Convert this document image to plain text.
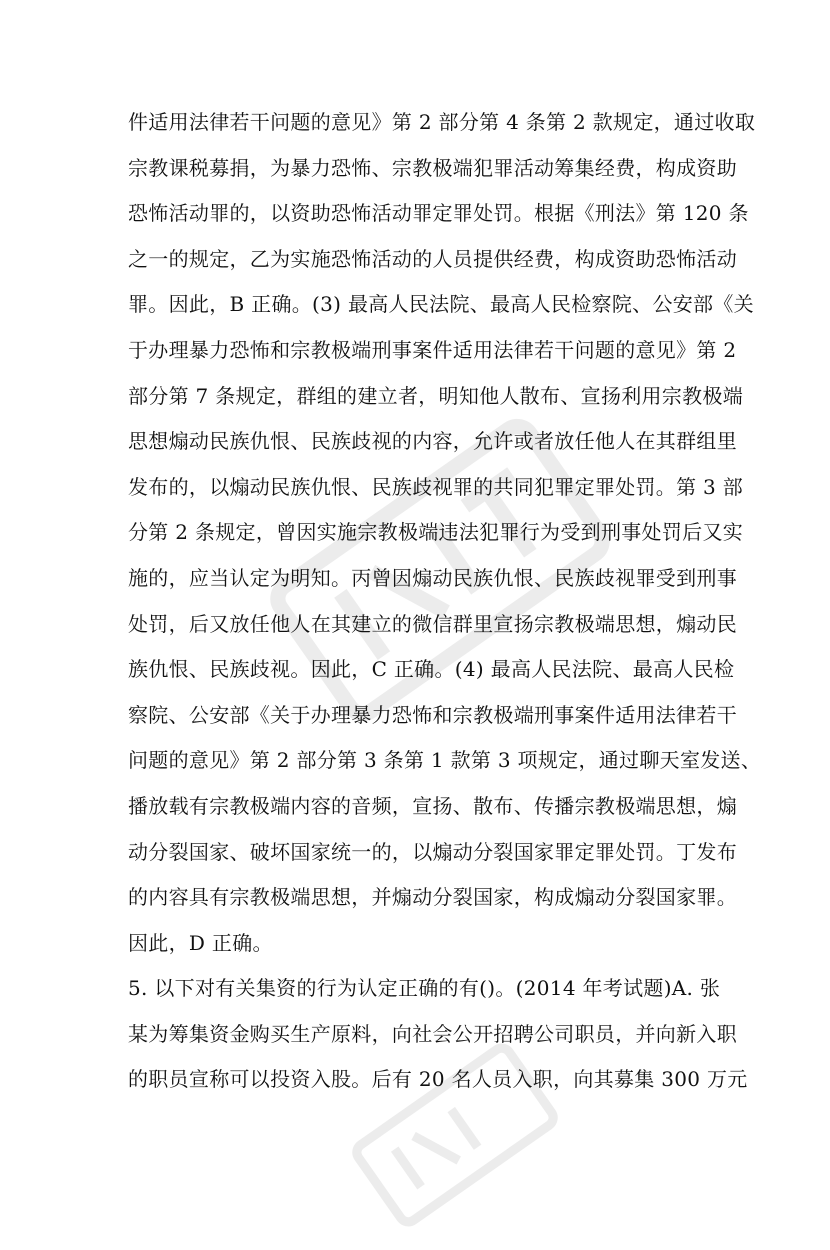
件适用法律若干问题的意见》第 2 部分第 4 条第 2 款规定，通过收取
宗教课税募捐，为暴力恐怖、宗教极端犯罪活动筹集经费，构成资助
恐怖活动罪的，以资助恐怖活动罪定罪处罚。根据《刑法》第 120 条
之一的规定，乙为实施恐怖活动的人员提供经费，构成资助恐怖活动
罪。因此，B 正确。(3) 最高人民法院、最高人民检察院、公安部《关
于办理暴力恐怖和宗教极端刑事案件适用法律若干问题的意见》第 2
部分第 7 条规定，群组的建立者，明知他人散布、宣扬利用宗教极端
思想煽动民族仇恨、民族歧视的内容，允许或者放任他人在其群组里
发布的，以煽动民族仇恨、民族歧视罪的共同犯罪定罪处罚。第 3 部
分第 2 条规定，曾因实施宗教极端违法犯罪行为受到刑事处罚后又实
施的，应当认定为明知。丙曾因煽动民族仇恨、民族歧视罪受到刑事
处罚，后又放任他人在其建立的微信群里宣扬宗教极端思想，煽动民
族仇恨、民族歧视。因此，C 正确。(4) 最高人民法院、最高人民检
察院、公安部《关于办理暴力恐怖和宗教极端刑事案件适用法律若干
问题的意见》第 2 部分第 3 条第 1 款第 3 项规定，通过聊天室发送、
播放载有宗教极端内容的音频，宣扬、散布、传播宗教极端思想，煽
动分裂国家、破坏国家统一的，以煽动分裂国家罪定罪处罚。丁发布
的内容具有宗教极端思想，并煽动分裂国家，构成煽动分裂国家罪。
因此，D 正确。
5. 以下对有关集资的行为认定正确的有()。(2014 年考试题)A. 张
某为筹集资金购买生产原料，向社会公开招聘公司职员，并向新入职
的职员宣称可以投资入股。后有 20 名人员入职，向其募集 300 万元
